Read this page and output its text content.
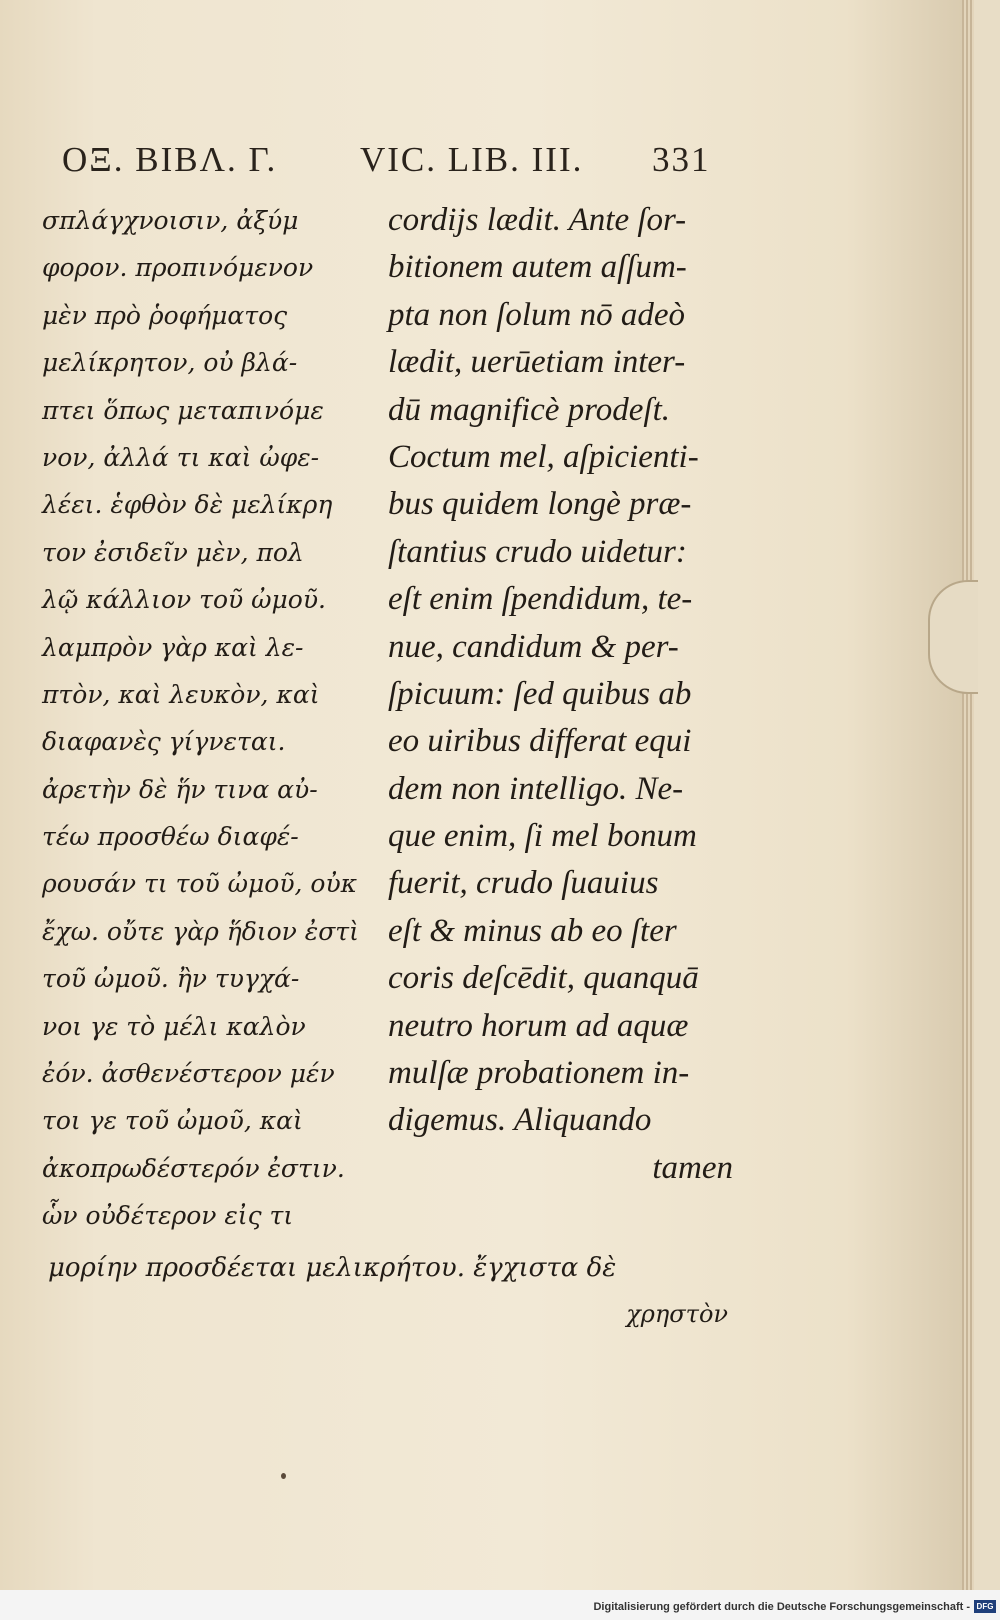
ΟΞ. ΒΙΒΛ. Γ. VIC. LIB. III. 331
σπλάγχνοισιν, ἀξύμ
φορον. προπινόμενον
μὲν πρὸ ῥοφήματος
μελίκρητον, οὐ βλά-
πτει ὅπως μεταπινόμε
νον, ἀλλά τι καὶ ὠφε-
λέει. ἑφθὸν δὲ μελίκρη
τον ἐσιδεῖν μὲν, πολ
λῷ κάλλιον τοῦ ὠμοῦ.
λαμπρὸν γὰρ καὶ λε-
πτὸν, καὶ λευκὸν, καὶ
διαφανὲς γίγνεται.
ἀρετὴν δὲ ἥν τινα αὐ-
τέω προσθέω διαφέ-
ρουσάν τι τοῦ ὠμοῦ, οὐκ
ἔχω. οὔτε γὰρ ἥδιον ἐστὶ
τοῦ ὠμοῦ. ἢν τυγχά-
νοι γε τὸ μέλι καλὸν
ἐόν. ἀσθενέστερον μέν
τοι γε τοῦ ὠμοῦ, καὶ
ἀκοπρωδέστερόν ἐστιν.
ὧν οὐδέτερον εἰς τι
cordijs lædit. Ante ſor-
bitionem autem aſſum-
pta non ſolum nō adeò
lædit, uerūetiam inter-
dū magnificè prodeſt.
Coctum mel, aſpicienti-
bus quidem longè præ-
ſtantius crudo uidetur:
eſt enim ſpendidum, te-
nue, candidum & per-
ſpicuum: ſed quibus ab
eo uiribus differat equi
dem non intelligo. Ne-
que enim, ſi mel bonum
fuerit, crudo ſuauius
eſt & minus ab eo ſter
coris deſcēdit, quanquā
neutro horum ad aquæ
mulſæ probationem in-
digemus. Aliquando
tamen
μορίην προσδέεται μελικρήτου. ἔγχιστα δὲ
χρηστὸν
Digitalisierung gefördert durch die Deutsche Forschungsgemeinschaft - DFG
